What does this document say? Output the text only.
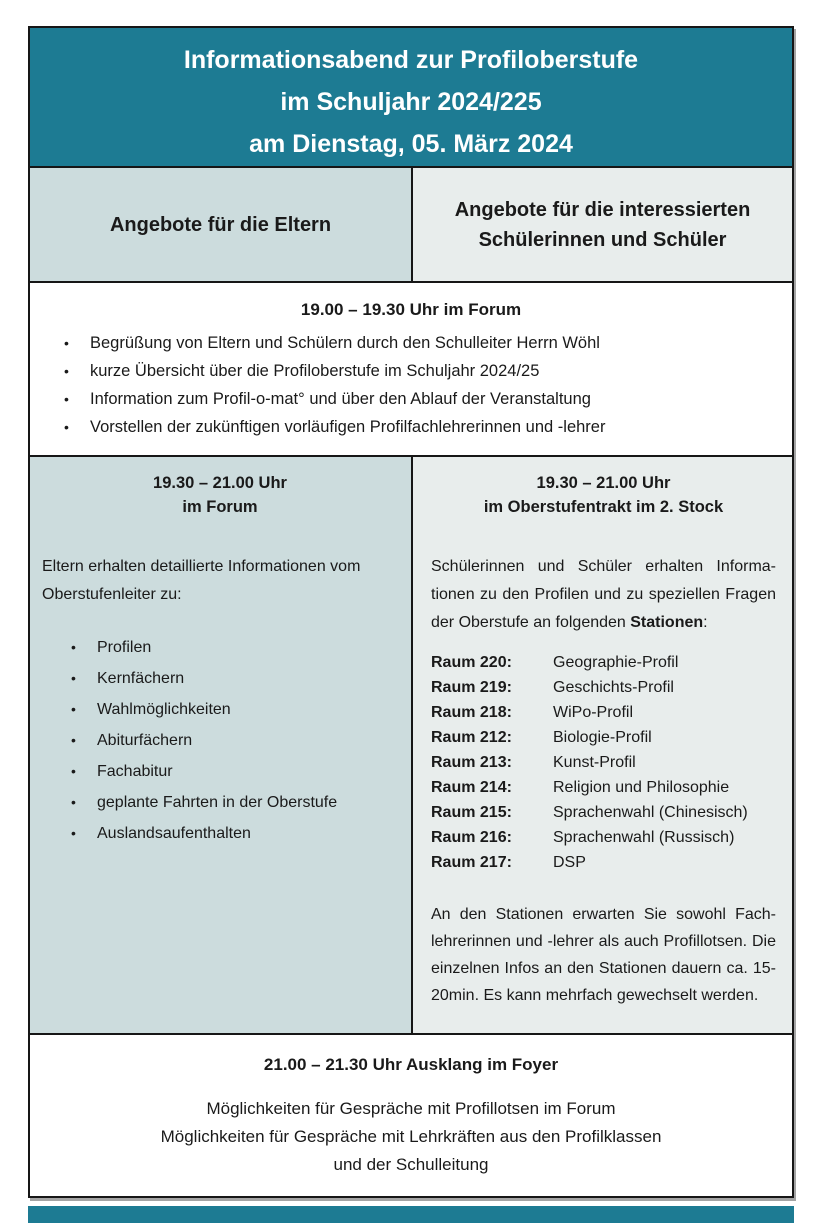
Informationsabend zur Profiloberstufe
im Schuljahr 2024/225
am Dienstag, 05. März 2024
Angebote für die Eltern
Angebote für die interessierten
Schülerinnen und Schüler
19.00 – 19.30 Uhr im Forum
•	Begrüßung von Eltern und Schülern durch den Schulleiter Herrn Wöhl
•	kurze Übersicht über die Profiloberstufe im Schuljahr 2024/25
•	Information zum Profil-o-mat° und über den Ablauf der Veranstaltung
•	Vorstellen der zukünftigen vorläufigen Profilfachlehrerinnen und -lehrer
19.30 – 21.00 Uhr
im Forum
Eltern erhalten detaillierte Informationen vom Oberstufenleiter zu:
•	Profilen
•	Kernfächern
•	Wahlmöglichkeiten
•	Abiturfächern
•	Fachabitur
•	geplante Fahrten in der Oberstufe
•	Auslandsaufenthalten
19.30 – 21.00 Uhr
im Oberstufentrakt im 2. Stock
Schülerinnen und Schüler erhalten Informationen zu den Profilen und zu speziellen Fragen der Oberstufe an folgenden Stationen:
Raum 220:	Geographie-Profil
Raum 219:	Geschichts-Profil
Raum 218:	WiPo-Profil
Raum 212:	Biologie-Profil
Raum 213:	Kunst-Profil
Raum 214:	Religion und Philosophie
Raum 215:	Sprachenwahl (Chinesisch)
Raum 216:	Sprachenwahl (Russisch)
Raum 217:	DSP
An den Stationen erwarten Sie sowohl Fachlehrerinnen und -lehrer als auch Profillotsen. Die einzelnen Infos an den Stationen dauern ca. 15-20min. Es kann mehrfach gewechselt werden.
21.00 – 21.30 Uhr Ausklang im Foyer
Möglichkeiten für Gespräche mit Profillotsen im Forum
Möglichkeiten für Gespräche mit Lehrkräften aus den Profilklassen
und der Schulleitung
